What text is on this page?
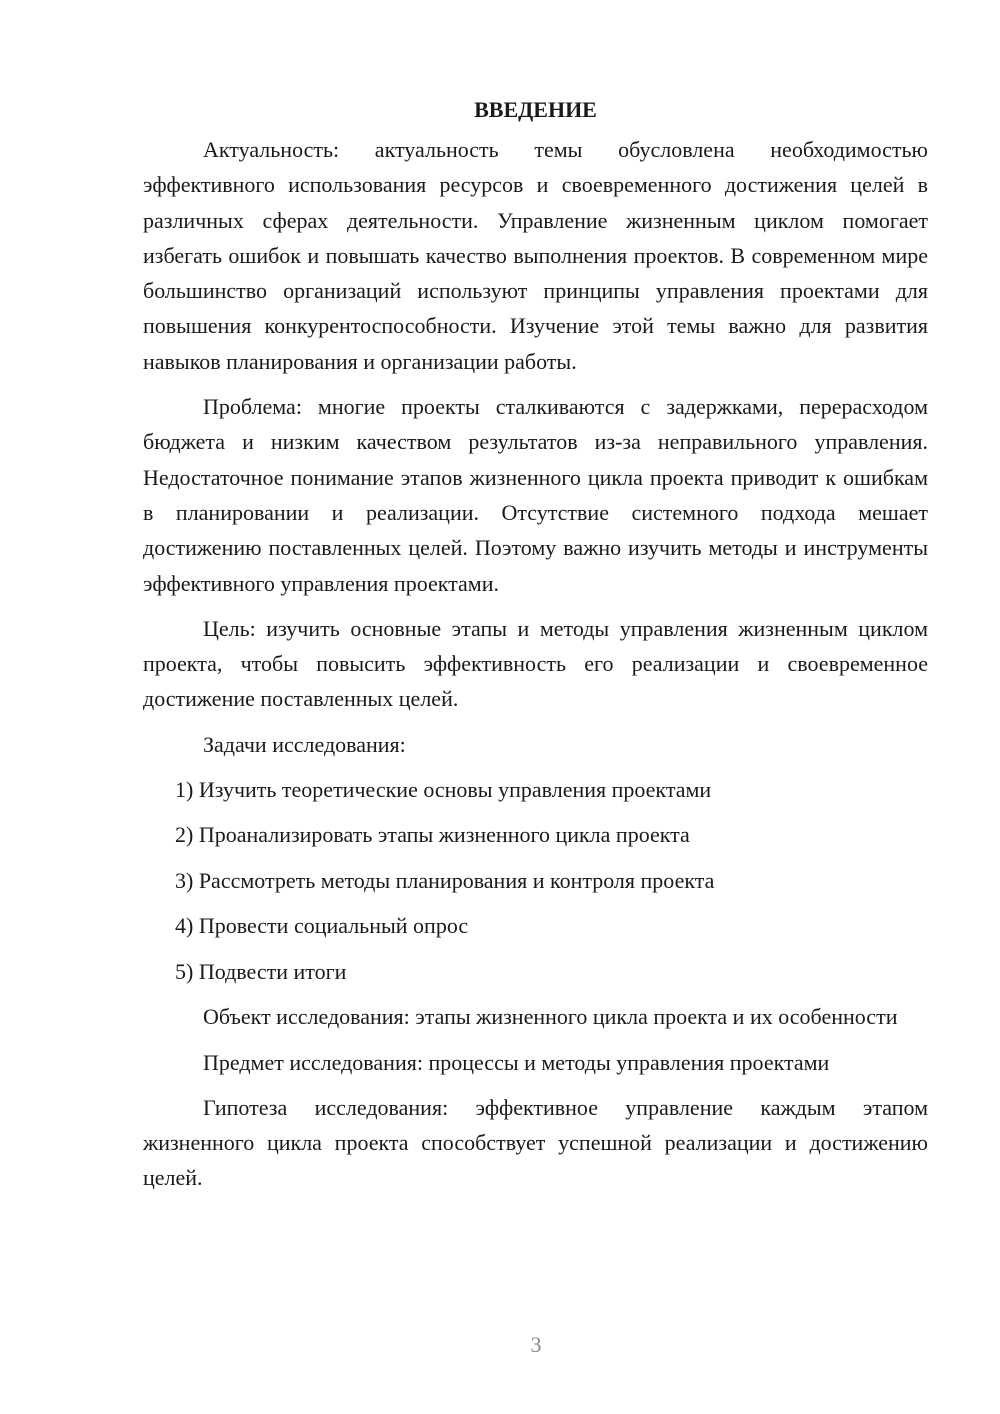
ВВЕДЕНИЕ

Актуальность: актуальность темы обусловлена необходимостью эффективного использования ресурсов и своевременного достижения целей в различных сферах деятельности. Управление жизненным циклом помогает избегать ошибок и повышать качество выполнения проектов. В современном мире большинство организаций используют принципы управления проектами для повышения конкурентоспособности. Изучение этой темы важно для развития навыков планирования и организации работы.

Проблема: многие проекты сталкиваются с задержками, перерасходом бюджета и низким качеством результатов из-за неправильного управления. Недостаточное понимание этапов жизненного цикла проекта приводит к ошибкам в планировании и реализации. Отсутствие системного подхода мешает достижению поставленных целей. Поэтому важно изучить методы и инструменты эффективного управления проектами.

Цель: изучить основные этапы и методы управления жизненным циклом проекта, чтобы повысить эффективность его реализации и своевременное достижение поставленных целей.

Задачи исследования:
1) Изучить теоретические основы управления проектами
2) Проанализировать этапы жизненного цикла проекта
3) Рассмотреть методы планирования и контроля проекта
4) Провести социальный опрос
5) Подвести итоги

Объект исследования: этапы жизненного цикла проекта и их особенности

Предмет исследования: процессы и методы управления проектами

Гипотеза исследования: эффективное управление каждым этапом жизненного цикла проекта способствует успешной реализации и достижению целей.

3
